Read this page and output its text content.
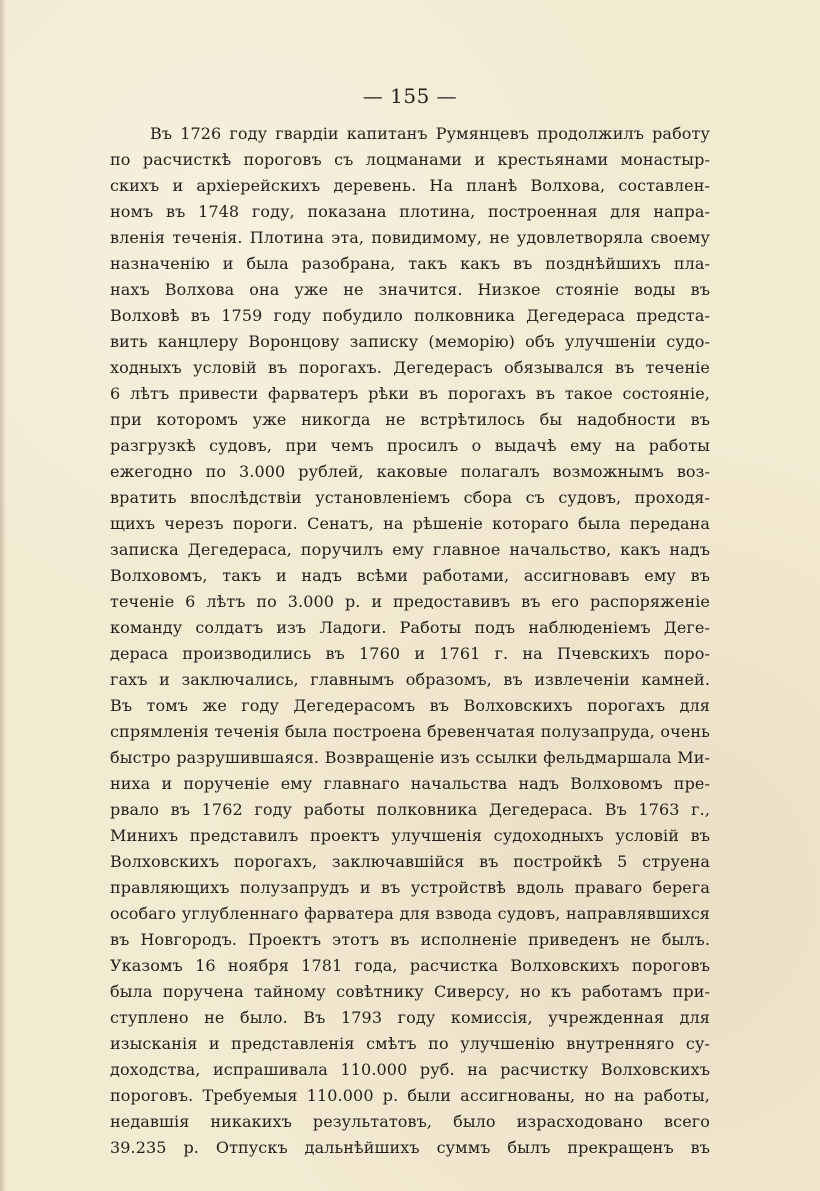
— 155 —
Въ 1726 году гвардіи капитанъ Румянцевъ продолжилъ работу
по расчисткѣ пороговъ съ лоцманами и крестьянами монастыр-
скихъ и архіерейскихъ деревень. На планѣ Волхова, составлен-
номъ въ 1748 году, показана плотина, построенная для напра-
вленія теченія. Плотина эта, повидимому, не удовлетворяла своему
назначенію и была разобрана, такъ какъ въ позднѣйшихъ пла-
нахъ Волхова она уже не значится. Низкое стояніе воды въ
Волховѣ въ 1759 году побудило полковника Дегедераса предста-
вить канцлеру Воронцову записку (меморію) объ улучшеніи судо-
ходныхъ условій въ порогахъ. Дегедерасъ обязывался въ теченіе
6 лѣтъ привести фарватеръ рѣки въ порогахъ въ такое состояніе,
при которомъ уже никогда не встрѣтилось бы надобности въ
разгрузкѣ судовъ, при чемъ просилъ о выдачѣ ему на работы
ежегодно по 3.000 рублей, каковые полагалъ возможнымъ воз-
вратить впослѣдствіи установленіемъ сбора съ судовъ, проходя-
щихъ черезъ пороги. Сенатъ, на рѣшеніе котораго была передана
записка Дегедераса, поручилъ ему главное начальство, какъ надъ
Волховомъ, такъ и надъ всѣми работами, ассигновавъ ему въ
теченіе 6 лѣтъ по 3.000 р. и предоставивъ въ его распоряженіе
команду солдатъ изъ Ладоги. Работы подъ наблюденіемъ Деге-
дераса производились въ 1760 и 1761 г. на Пчевскихъ поро-
гахъ и заключались, главнымъ образомъ, въ извлеченіи камней.
Въ томъ же году Дегедерасомъ въ Волховскихъ порогахъ для
спрямленія теченія была построена бревенчатая полузапруда, очень
быстро разрушившаяся. Возвращеніе изъ ссылки фельдмаршала Ми-
ниха и порученіе ему главнаго начальства надъ Волховомъ пре-
рвало въ 1762 году работы полковника Дегедераса. Въ 1763 г.,
Минихъ представилъ проектъ улучшенія судоходныхъ условій въ
Волховскихъ порогахъ, заключавшійся въ постройкѣ 5 струена
правляющихъ полузапрудъ и въ устройствѣ вдоль праваго берега
особаго углубленнаго фарватера для взвода судовъ, направлявшихся
въ Новгородъ. Проектъ этотъ въ исполненіе приведенъ не былъ.
Указомъ 16 ноября 1781 года, расчистка Волховскихъ пороговъ
была поручена тайному совѣтнику Сиверсу, но къ работамъ при-
ступлено не было. Въ 1793 году комиссія, учрежденная для
изысканія и представленія смѣтъ по улучшенію внутренняго су-
доходства, испрашивала 110.000 руб. на расчистку Волховскихъ
пороговъ. Требуемыя 110.000 р. были ассигнованы, но на работы,
недавшія никакихъ результатовъ, было израсходовано всего
39.235 р. Отпускъ дальнѣйшихъ суммъ былъ прекращенъ въ
